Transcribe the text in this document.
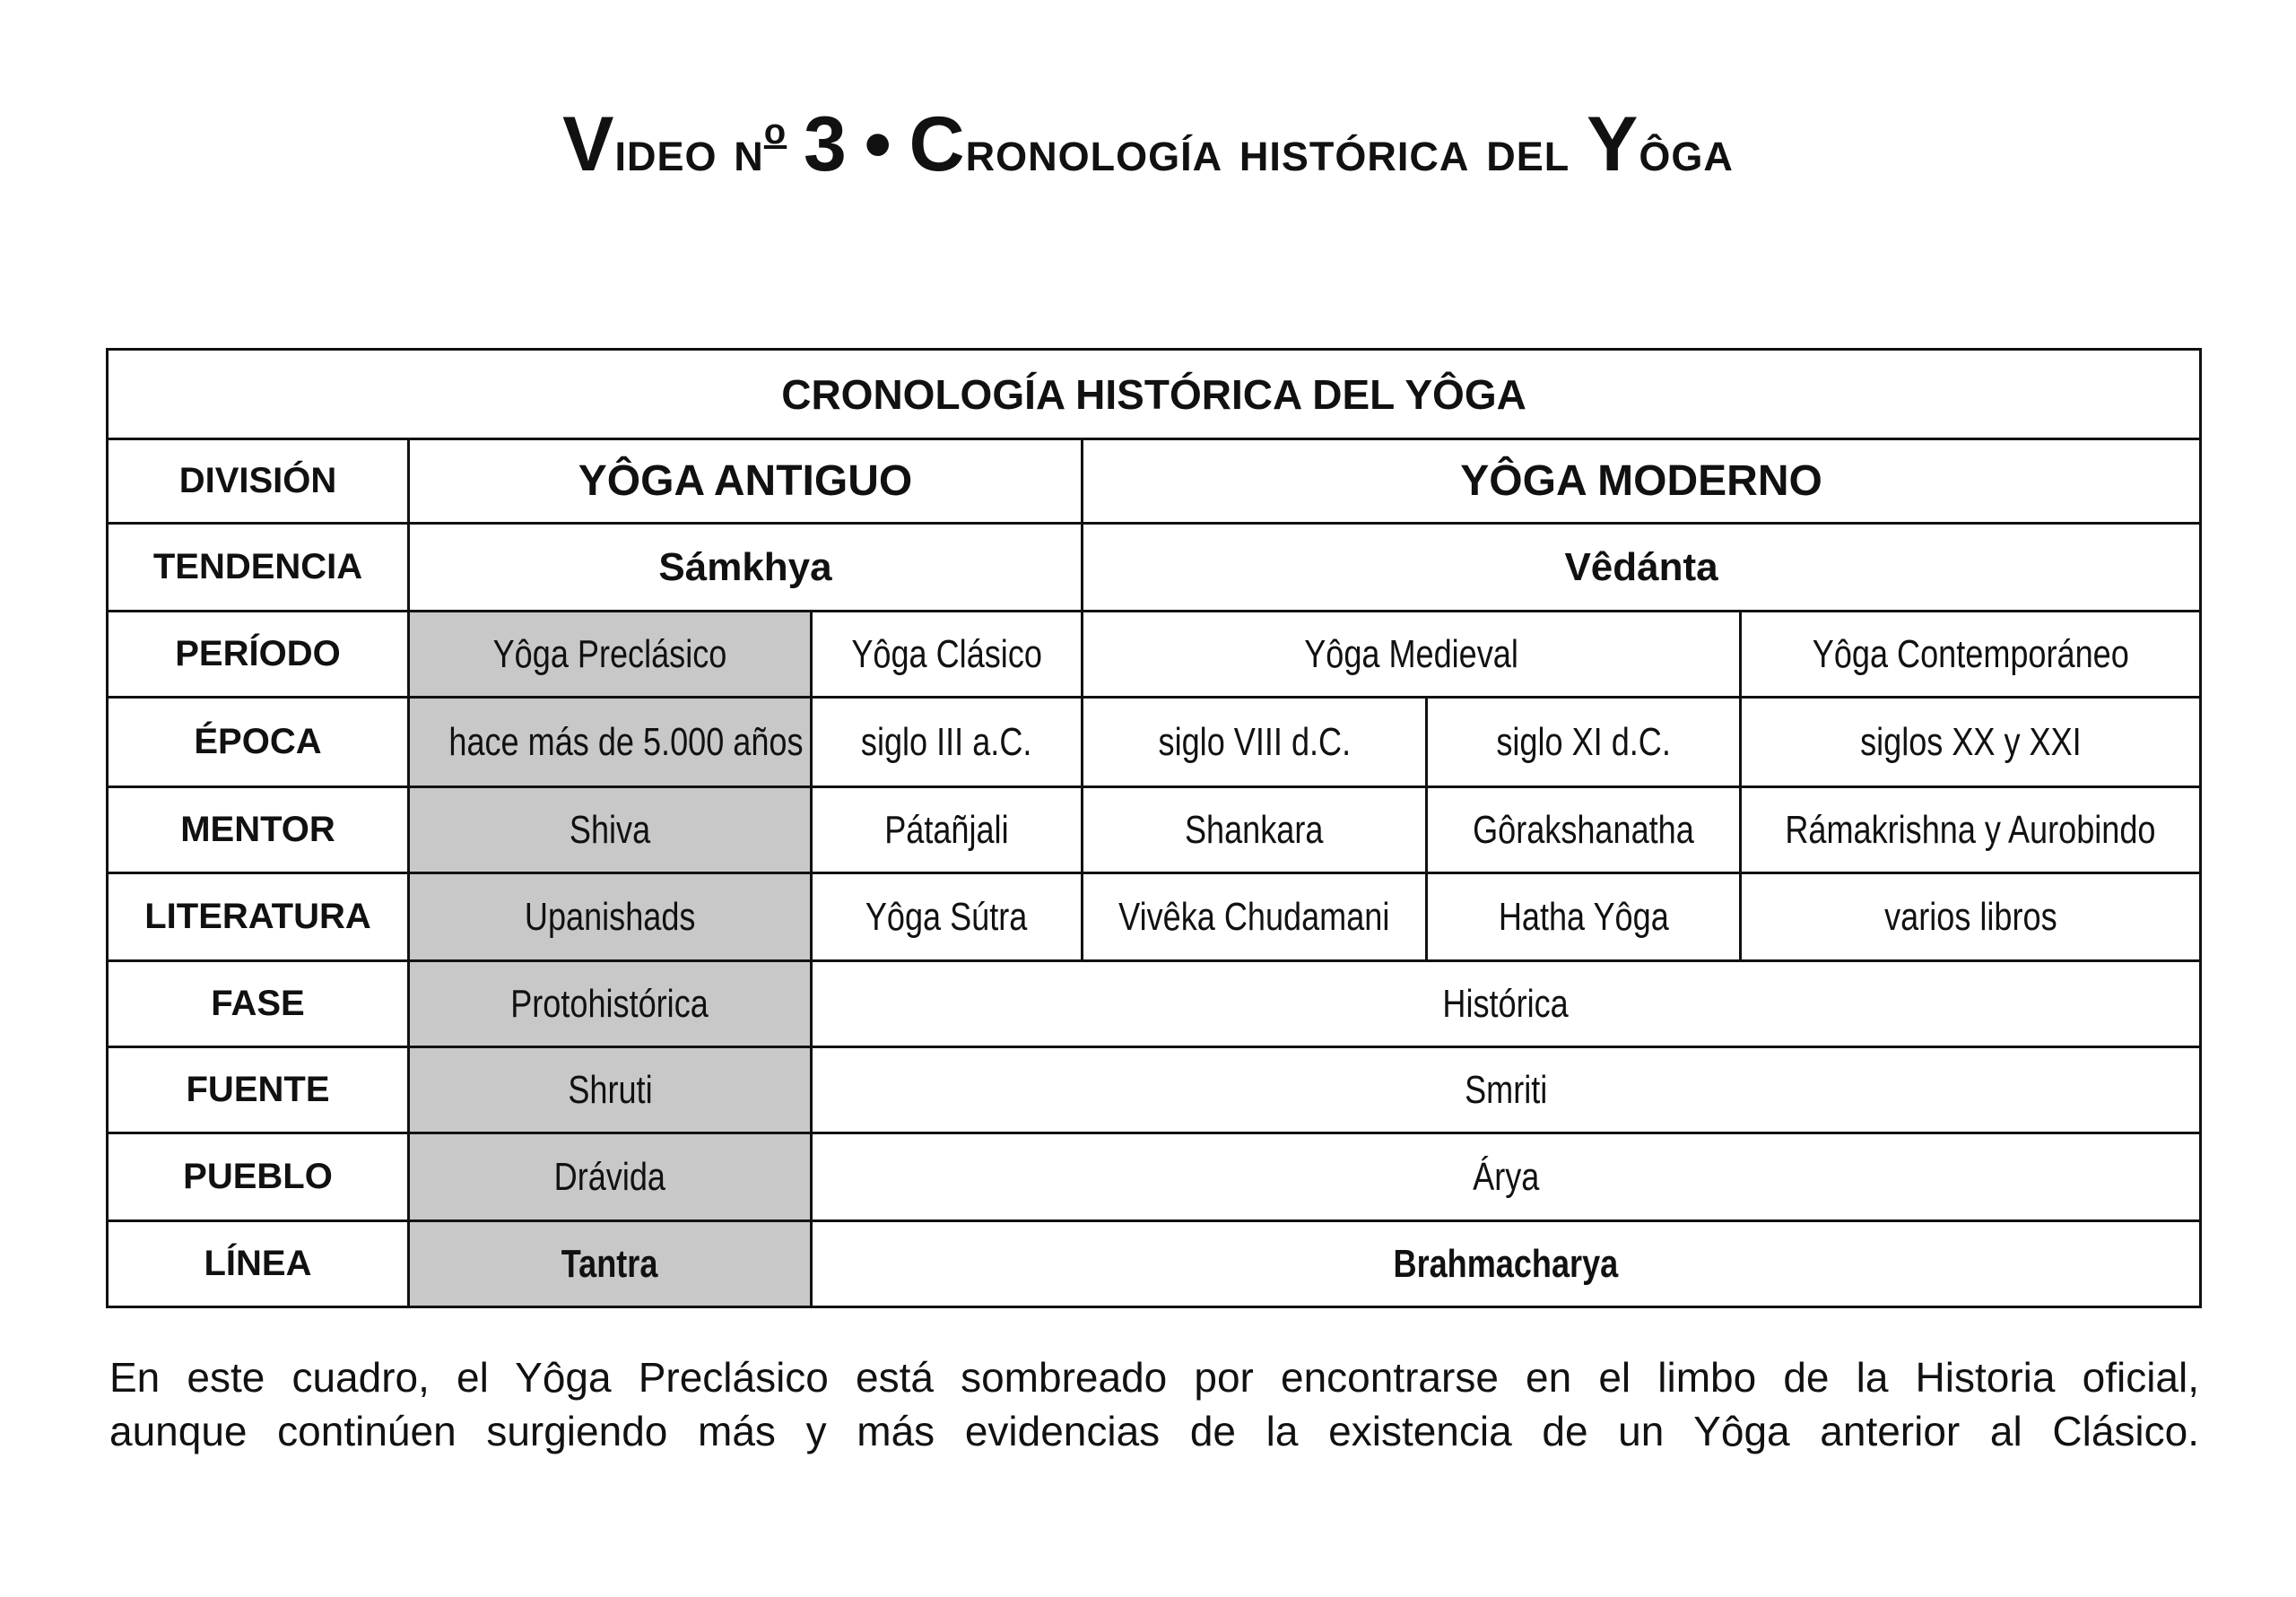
Video $n^o$ 3 • Cronología histórica del Yôga
CRONOLOGÍA HISTÓRICA DEL YÔGA					
DIVISIÓN	YÔGA ANTIGUO		YÔGA MODERNO		
TENDENCIA	Sámkhya		Vêdánta		
PERÍODO	Yôga Preclásico	Yôga Clásico	Yôga Medieval		Yôga Contemporáneo
ÉPOCA	hace más de 5.000 años	siglo III a.C.	siglo VIII d.C.	siglo XI d.C.	siglos XX y XXI
MENTOR	Shiva	Pátañjali	Shankara	Gôrakshanatha	Rámakrishna y Aurobindo
LITERATURA	Upanishads	Yôga Sútra	Vivêka Chudamani	Hatha Yôga	varios libros
FASE	Protohistórica	Histórica			
FUENTE	Shruti	Smriti			
PUEBLO	Drávida	Árya			
LÍNEA	Tantra	Brahmacharya			

En este cuadro, el Yôga Preclásico está sombreado por encontrarse en el limbo de la Historia oficial,
aunque continúen surgiendo más y más evidencias de la existencia de un Yôga anterior al Clásico.
